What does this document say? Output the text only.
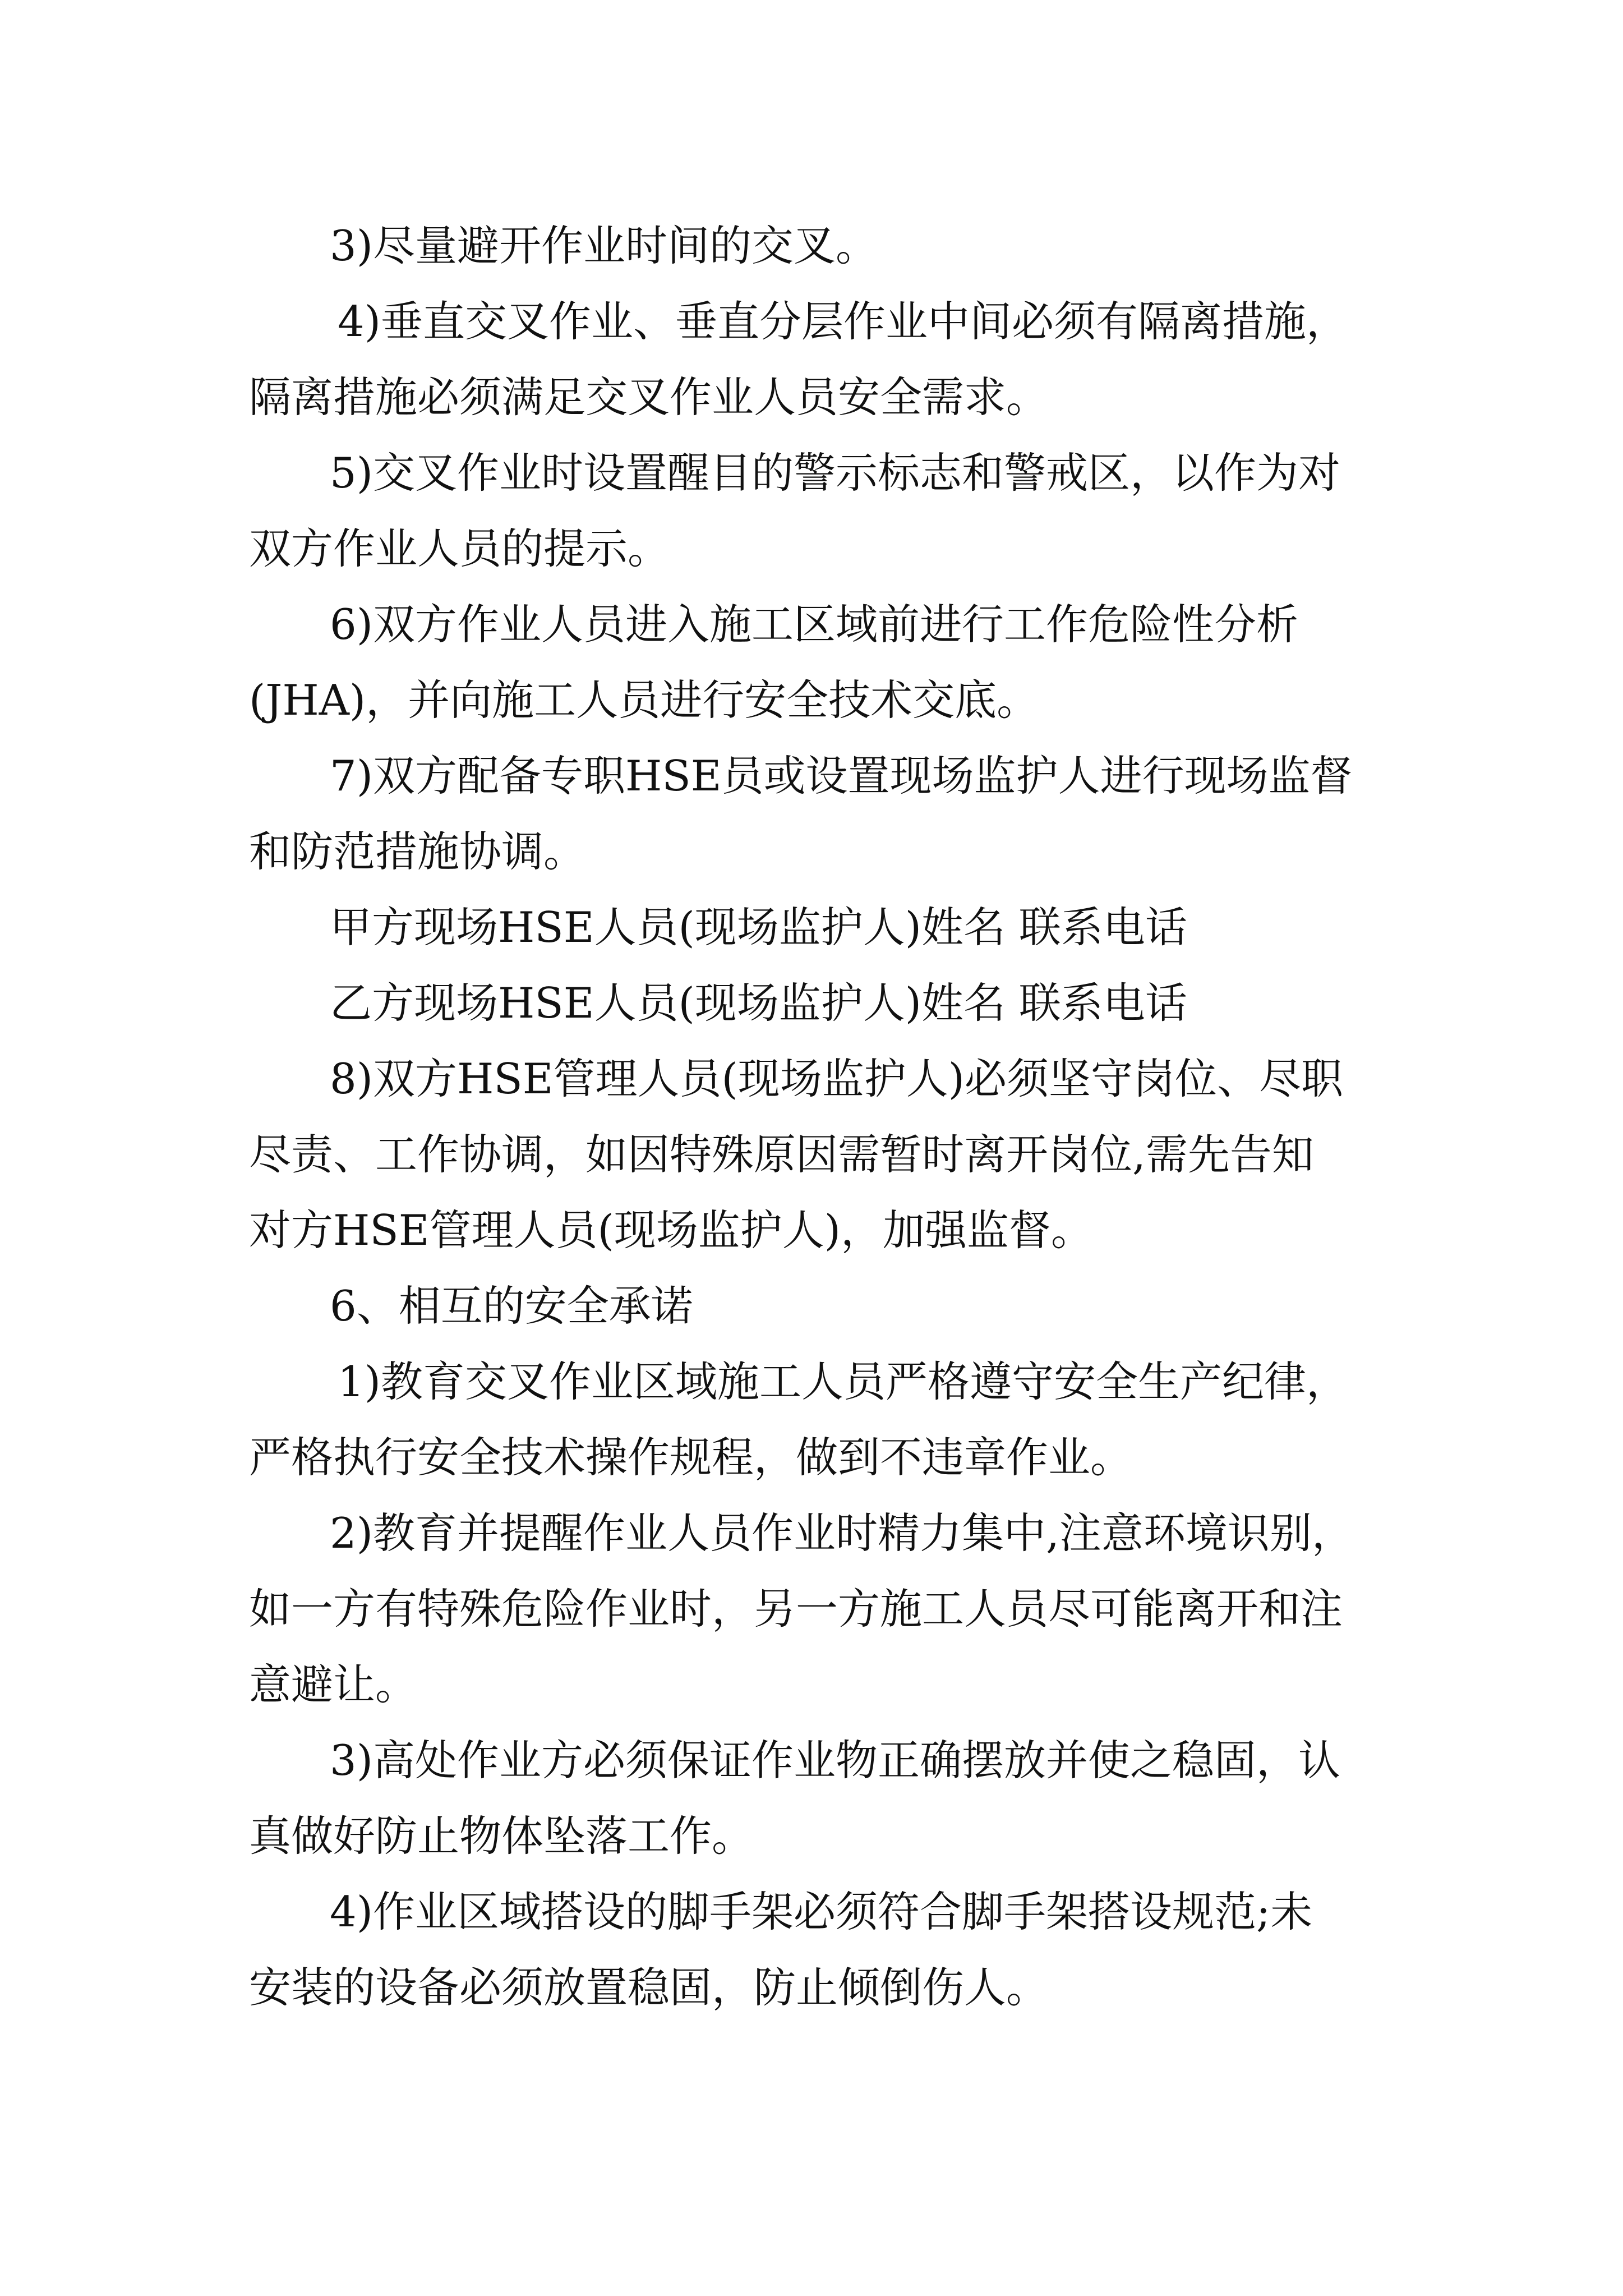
3)尽量避开作业时间的交叉。
4)垂直交叉作业、垂直分层作业中间必须有隔离措施，
隔离措施必须满足交叉作业人员安全需求。
5)交叉作业时设置醒目的警示标志和警戒区，以作为对
双方作业人员的提示。
6)双方作业人员进入施工区域前进行工作危险性分析
(JHA)，并向施工人员进行安全技术交底。
7)双方配备专职HSE员或设置现场监护人进行现场监督
和防范措施协调。
甲方现场HSE人员(现场监护人)姓名 联系电话
乙方现场HSE人员(现场监护人)姓名 联系电话
8)双方HSE管理人员(现场监护人)必须坚守岗位、尽职
尽责、工作协调，如因特殊原因需暂时离开岗位,需先告知
对方HSE管理人员(现场监护人)，加强监督。
6、相互的安全承诺
1)教育交叉作业区域施工人员严格遵守安全生产纪律，
严格执行安全技术操作规程，做到不违章作业。
2)教育并提醒作业人员作业时精力集中,注意环境识别，
如一方有特殊危险作业时，另一方施工人员尽可能离开和注
意避让。
3)高处作业方必须保证作业物正确摆放并使之稳固，认
真做好防止物体坠落工作。
4)作业区域搭设的脚手架必须符合脚手架搭设规范;未
安装的设备必须放置稳固，防止倾倒伤人。
